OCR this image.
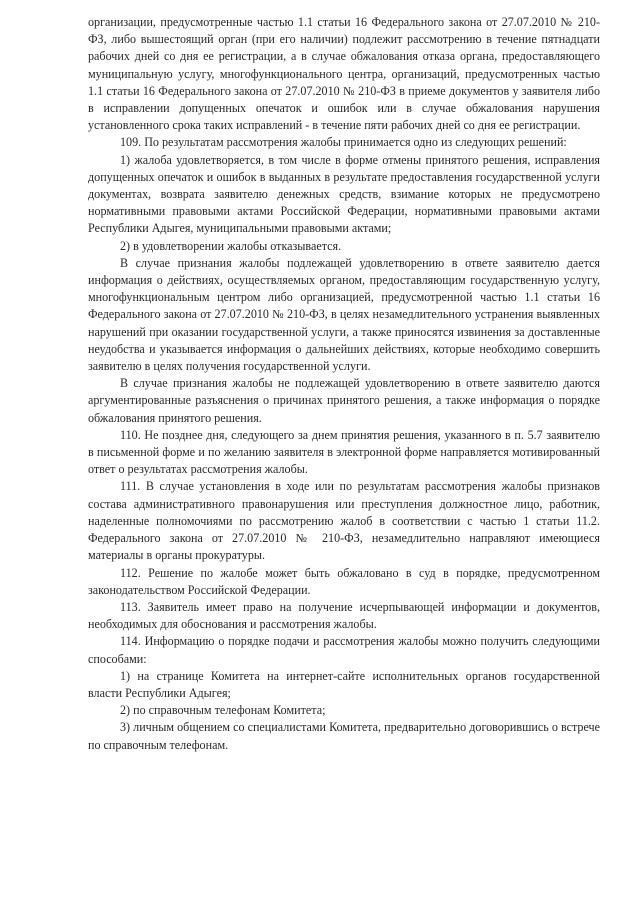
организации, предусмотренные частью 1.1 статьи 16 Федерального закона от 27.07.2010 № 210-ФЗ, либо вышестоящий орган (при его наличии) подлежит рассмотрению в течение пятнадцати рабочих дней со дня ее регистрации, а в случае обжалования отказа органа, предоставляющего муниципальную услугу, многофункционального центра, организаций, предусмотренных частью 1.1 статьи 16 Федерального закона от 27.07.2010 № 210-ФЗ в приеме документов у заявителя либо в исправлении допущенных опечаток и ошибок или в случае обжалования нарушения установленного срока таких исправлений - в течение пяти рабочих дней со дня ее регистрации.

109. По результатам рассмотрения жалобы принимается одно из следующих решений:

1) жалоба удовлетворяется, в том числе в форме отмены принятого решения, исправления допущенных опечаток и ошибок в выданных в результате предоставления государственной услуги документах, возврата заявителю денежных средств, взимание которых не предусмотрено нормативными правовыми актами Российской Федерации, нормативными правовыми актами Республики Адыгея, муниципальными правовыми актами;

2) в удовлетворении жалобы отказывается.

В случае признания жалобы подлежащей удовлетворению в ответе заявителю дается информация о действиях, осуществляемых органом, предоставляющим государственную услугу, многофункциональным центром либо организацией, предусмотренной частью 1.1 статьи 16 Федерального закона от 27.07.2010 № 210-ФЗ, в целях незамедлительного устранения выявленных нарушений при оказании государственной услуги, а также приносятся извинения за доставленные неудобства и указывается информация о дальнейших действиях, которые необходимо совершить заявителю в целях получения государственной услуги.

В случае признания жалобы не подлежащей удовлетворению в ответе заявителю даются аргументированные разъяснения о причинах принятого решения, а также информация о порядке обжалования принятого решения.

110. Не позднее дня, следующего за днем принятия решения, указанного в п. 5.7 заявителю в письменной форме и по желанию заявителя в электронной форме направляется мотивированный ответ о результатах рассмотрения жалобы.

111. В случае установления в ходе или по результатам рассмотрения жалобы признаков состава административного правонарушения или преступления должностное лицо, работник, наделенные полномочиями по рассмотрению жалоб в соответствии с частью 1 статьи 11.2. Федерального закона от 27.07.2010 № 210-ФЗ, незамедлительно направляют имеющиеся материалы в органы прокуратуры.

112. Решение по жалобе может быть обжаловано в суд в порядке, предусмотренном законодательством Российской Федерации.

113. Заявитель имеет право на получение исчерпывающей информации и документов, необходимых для обоснования и рассмотрения жалобы.

114. Информацию о порядке подачи и рассмотрения жалобы можно получить следующими способами:

1) на странице Комитета на интернет-сайте исполнительных органов государственной власти Республики Адыгея;

2) по справочным телефонам Комитета;

3) личным общением со специалистами Комитета, предварительно договорившись о встрече по справочным телефонам.
